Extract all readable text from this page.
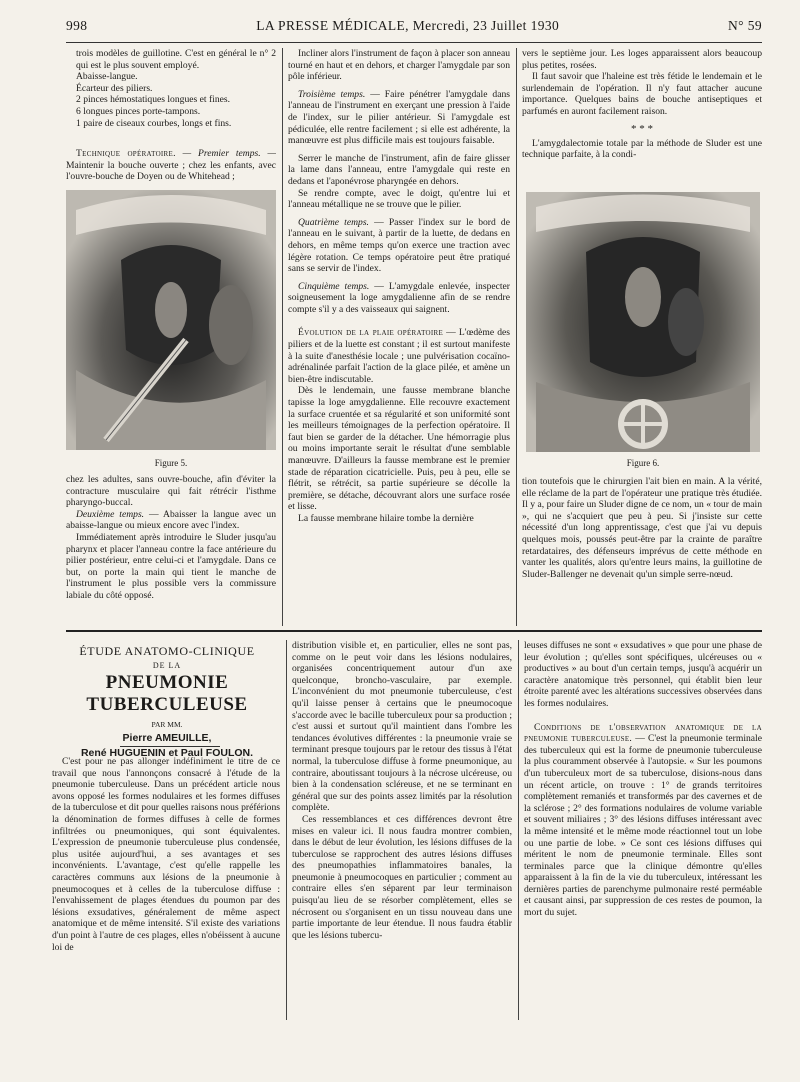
998	LA PRESSE MÉDICALE, Mercredi, 23 Juillet 1930	N° 59

trois modèles de guillotine. C'est en général le n° 2 qui est le plus souvent employé.

Abaisse-langue.

Écarteur des piliers.

2 pinces hémostatiques longues et fines.

6 longues pinces porte-tampons.

1 paire de ciseaux courbes, longs et fins.

Technique opératoire. — Premier temps. — Maintenir la bouche ouverte ; chez les enfants, avec l'ouvre-bouche de Doyen ou de Whitehead ;

Figure 5.

chez les adultes, sans ouvre-bouche, afin d'éviter la contracture musculaire qui fait rétrécir l'isthme pharyngo-buccal.

Deuxième temps. — Abaisser la langue avec un abaisse-langue ou mieux encore avec l'index.

Immédiatement après introduire le Sluder jusqu'au pharynx et placer l'anneau contre la face antérieure du pilier postérieur, entre celui-ci et l'amygdale. Dans ce but, on porte la main qui tient le manche de l'instrument le plus possible vers la commissure labiale du côté opposé.

Incliner alors l'instrument de façon à placer son anneau tourné en haut et en dehors, et charger l'amygdale par son pôle inférieur.

Troisième temps. — Faire pénétrer l'amygdale dans l'anneau de l'instrument en exerçant une pression à l'aide de l'index, sur le pilier antérieur. Si l'amygdale est pédiculée, elle rentre facilement ; si elle est adhérente, la manœuvre est plus difficile mais est toujours faisable.

Serrer le manche de l'instrument, afin de faire glisser la lame dans l'anneau, entre l'amygdale qui reste en dedans et l'aponévrose pharyngée en dehors.

Se rendre compte, avec le doigt, qu'entre lui et l'anneau métallique ne se trouve que le pilier.

Quatrième temps. — Passer l'index sur le bord de l'anneau en le suivant, à partir de la luette, de dedans en dehors, en même temps qu'on exerce une traction avec légère rotation. Ce temps opératoire peut être pratiqué sans se servir de l'index.

Cinquième temps. — L'amygdale enlevée, inspecter soigneusement la loge amygdalienne afin de se rendre compte s'il y a des vaisseaux qui saignent.

Évolution de la plaie opératoire — L'œdème des piliers et de la luette est constant ; il est surtout manifeste à la suite d'anesthésie locale ; une pulvérisation cocaïno-adrénalinée parfait l'action de la glace pilée, et amène un bien-être indiscutable.

Dès le lendemain, une fausse membrane blanche tapisse la loge amygdalienne. Elle recouvre exactement la surface cruentée et sa régularité et son uniformité sont les meilleurs témoignages de la perfection opératoire. Il faut bien se garder de la détacher. Une hémorragie plus ou moins importante serait le résultat d'une semblable manœuvre. D'ailleurs la fausse membrane est le premier stade de réparation cicatricielle. Puis, peu à peu, elle se flétrit, se rétrécit, sa partie supérieure se décolle la première, se détache, découvrant alors une surface rosée et lisse.

La fausse membrane hilaire tombe la dernière

vers le septième jour. Les loges apparaissent alors beaucoup plus petites, rosées.

Il faut savoir que l'haleine est très fétide le lendemain et le surlendemain de l'opération. Il n'y faut attacher aucune importance. Quelques bains de bouche antiseptiques et parfumés en auront facilement raison.

* * *

L'amygdalectomie totale par la méthode de Sluder est une technique parfaite, à la condi-

Figure 6.

tion toutefois que le chirurgien l'ait bien en main. A la vérité, elle réclame de la part de l'opérateur une pratique très étudiée. Il y a, pour faire un Sluder digne de ce nom, un « tour de main », qui ne s'acquiert que peu à peu. Si j'insiste sur cette nécessité d'un long apprentissage, c'est que j'ai vu depuis quelques mois, poussés peut-être par la crainte de paraître retardataires, des défenseurs imprévus de cette méthode en vanter les qualités, alors qu'entre leurs mains, la guillotine de Sluder-Ballenger ne devenait qu'un simple serre-nœud.

ÉTUDE ANATOMO-CLINIQUE
DE LA
PNEUMONIE TUBERCULEUSE
PAR MM.
Pierre AMEUILLE,
René HUGUENIN et Paul FOULON.

C'est pour ne pas allonger indéfiniment le titre de ce travail que nous l'annonçons consacré à l'étude de la pneumonie tuberculeuse. Dans un précédent article nous avons opposé les formes nodulaires et les formes diffuses de la tuberculose et dit pour quelles raisons nous préférions la dénomination de formes diffuses à celle de formes infiltrées ou pneumoniques, qui sont équivalentes. L'expression de pneumonie tuberculeuse plus condensée, plus usitée aujourd'hui, a ses avantages et ses inconvénients. L'avantage, c'est qu'elle rappelle les caractères communs aux lésions de la pneumonie à pneumocoques et à celles de la tuberculose diffuse : l'envahissement de plages étendues du poumon par des lésions exsudatives, généralement de même aspect anatomique et de même intensité. S'il existe des variations d'un point à l'autre de ces plages, elles n'obéissent à aucune loi de

distribution visible et, en particulier, elles ne sont pas, comme on le peut voir dans les lésions nodulaires, organisées concentriquement autour d'un axe quelconque, broncho-vasculaire, par exemple. L'inconvénient du mot pneumonie tuberculeuse, c'est qu'il laisse penser à certains que le pneumocoque s'accorde avec le bacille tuberculeux pour sa production ; c'est aussi et surtout qu'il maintient dans l'ombre les tendances évolutives différentes : la pneumonie vraie se terminant presque toujours par le retour des tissus à l'état normal, la tuberculose diffuse à forme pneumonique, au contraire, aboutissant toujours à la nécrose ulcéreuse, ou bien à la condensation scléreuse, et ne se terminant en général que sur des points assez limités par la résolution complète.

Ces ressemblances et ces différences devront être mises en valeur ici. Il nous faudra montrer combien, dans le début de leur évolution, les lésions diffuses de la tuberculose se rapprochent des autres lésions diffuses des pneumopathies inflammatoires banales, la pneumonie à pneumocoques en particulier ; comment au contraire elles s'en séparent par leur terminaison puisqu'au lieu de se résorber complètement, elles se nécrosent ou s'organisent en un tissu nouveau dans une partie importante de leur étendue. Il nous faudra établir que les lésions tubercu-

leuses diffuses ne sont « exsudatives » que pour une phase de leur évolution ; qu'elles sont spécifiques, ulcéreuses ou « productives » au bout d'un certain temps, jusqu'à acquérir un caractère anatomique très personnel, qui établit bien leur étroite parenté avec les altérations successives observées dans les formes nodulaires.

Conditions de l'observation anatomique de la pneumonie tuberculeuse. — C'est la pneumonie terminale des tuberculeux qui est la forme de pneumonie tuberculeuse la plus couramment observée à l'autopsie. « Sur les poumons d'un tuberculeux mort de sa tuberculose, disions-nous dans un récent article, on trouve : 1° de grands territoires complètement remaniés et transformés par des cavernes et de la sclérose ; 2° des formations nodulaires de volume variable et souvent miliaires ; 3° des lésions diffuses intéressant avec la même intensité et le même mode réactionnel tout un lobe ou une partie de lobe. » Ce sont ces lésions diffuses qui méritent le nom de pneumonie terminale. Elles sont terminales parce que la clinique démontre qu'elles apparaissent à la fin de la vie du tuberculeux, intéressant les dernières parties de parenchyme pulmonaire resté perméable et causant ainsi, par suppression de ces restes de poumon, la mort du sujet.
